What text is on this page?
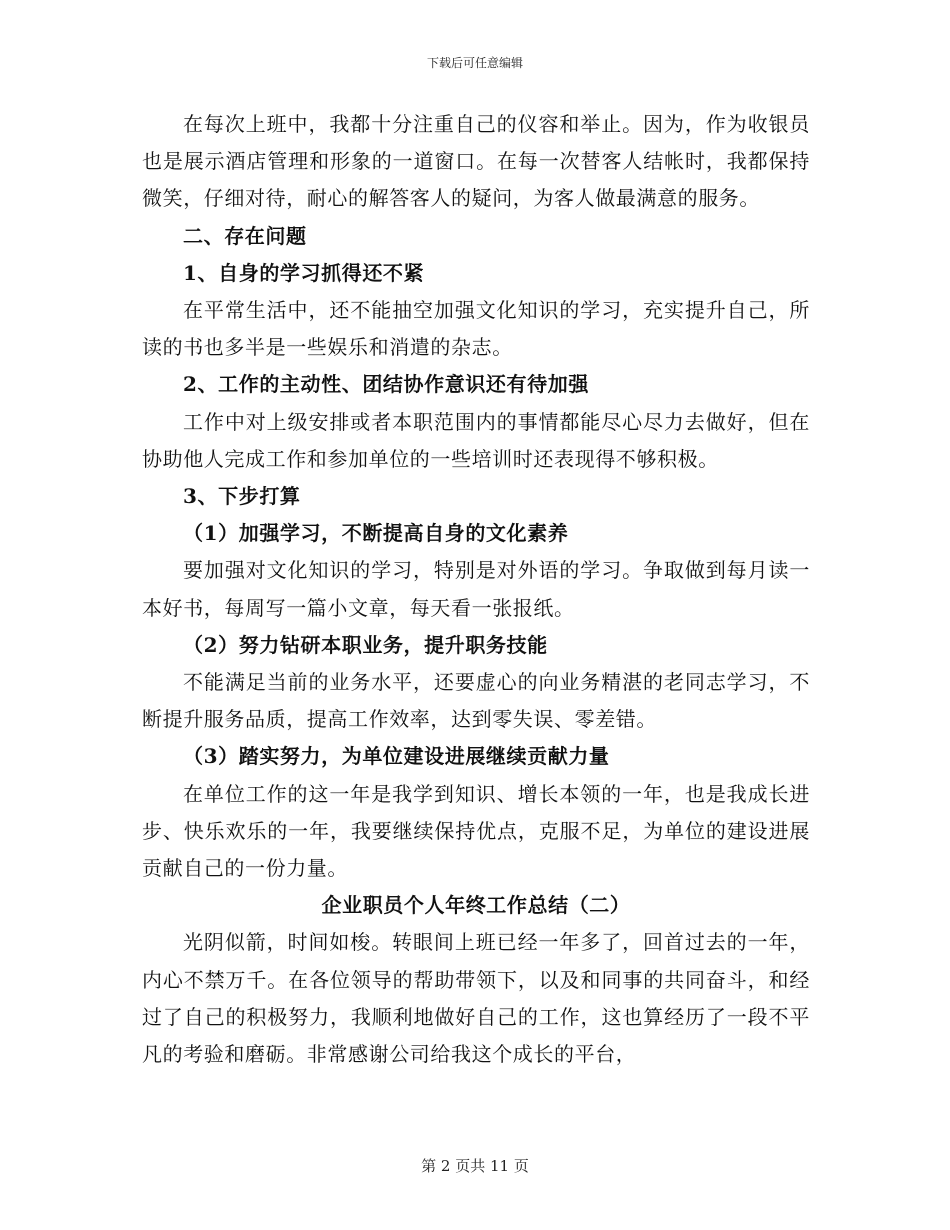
下载后可任意编辑

在每次上班中，我都十分注重自己的仪容和举止。因为，作为收银员也是展示酒店管理和形象的一道窗口。在每一次替客人结帐时，我都保持微笑，仔细对待，耐心的解答客人的疑问，为客人做最满意的服务。

二、存在问题

1、自身的学习抓得还不紧

在平常生活中，还不能抽空加强文化知识的学习，充实提升自己，所读的书也多半是一些娱乐和消遣的杂志。

2、工作的主动性、团结协作意识还有待加强

工作中对上级安排或者本职范围内的事情都能尽心尽力去做好，但在协助他人完成工作和参加单位的一些培训时还表现得不够积极。

3、下步打算

（1）加强学习，不断提高自身的文化素养

要加强对文化知识的学习，特别是对外语的学习。争取做到每月读一本好书，每周写一篇小文章，每天看一张报纸。

（2）努力钻研本职业务，提升职务技能

不能满足当前的业务水平，还要虚心的向业务精湛的老同志学习，不断提升服务品质，提高工作效率，达到零失误、零差错。

（3）踏实努力，为单位建设进展继续贡献力量

在单位工作的这一年是我学到知识、增长本领的一年，也是我成长进步、快乐欢乐的一年，我要继续保持优点，克服不足，为单位的建设进展贡献自己的一份力量。

企业职员个人年终工作总结（二）

光阴似箭，时间如梭。转眼间上班已经一年多了，回首过去的一年，内心不禁万千。在各位领导的帮助带领下，以及和同事的共同奋斗，和经过了自己的积极努力，我顺利地做好自己的工作，这也算经历了一段不平凡的考验和磨砺。非常感谢公司给我这个成长的平台，

第 2 页共 11 页
